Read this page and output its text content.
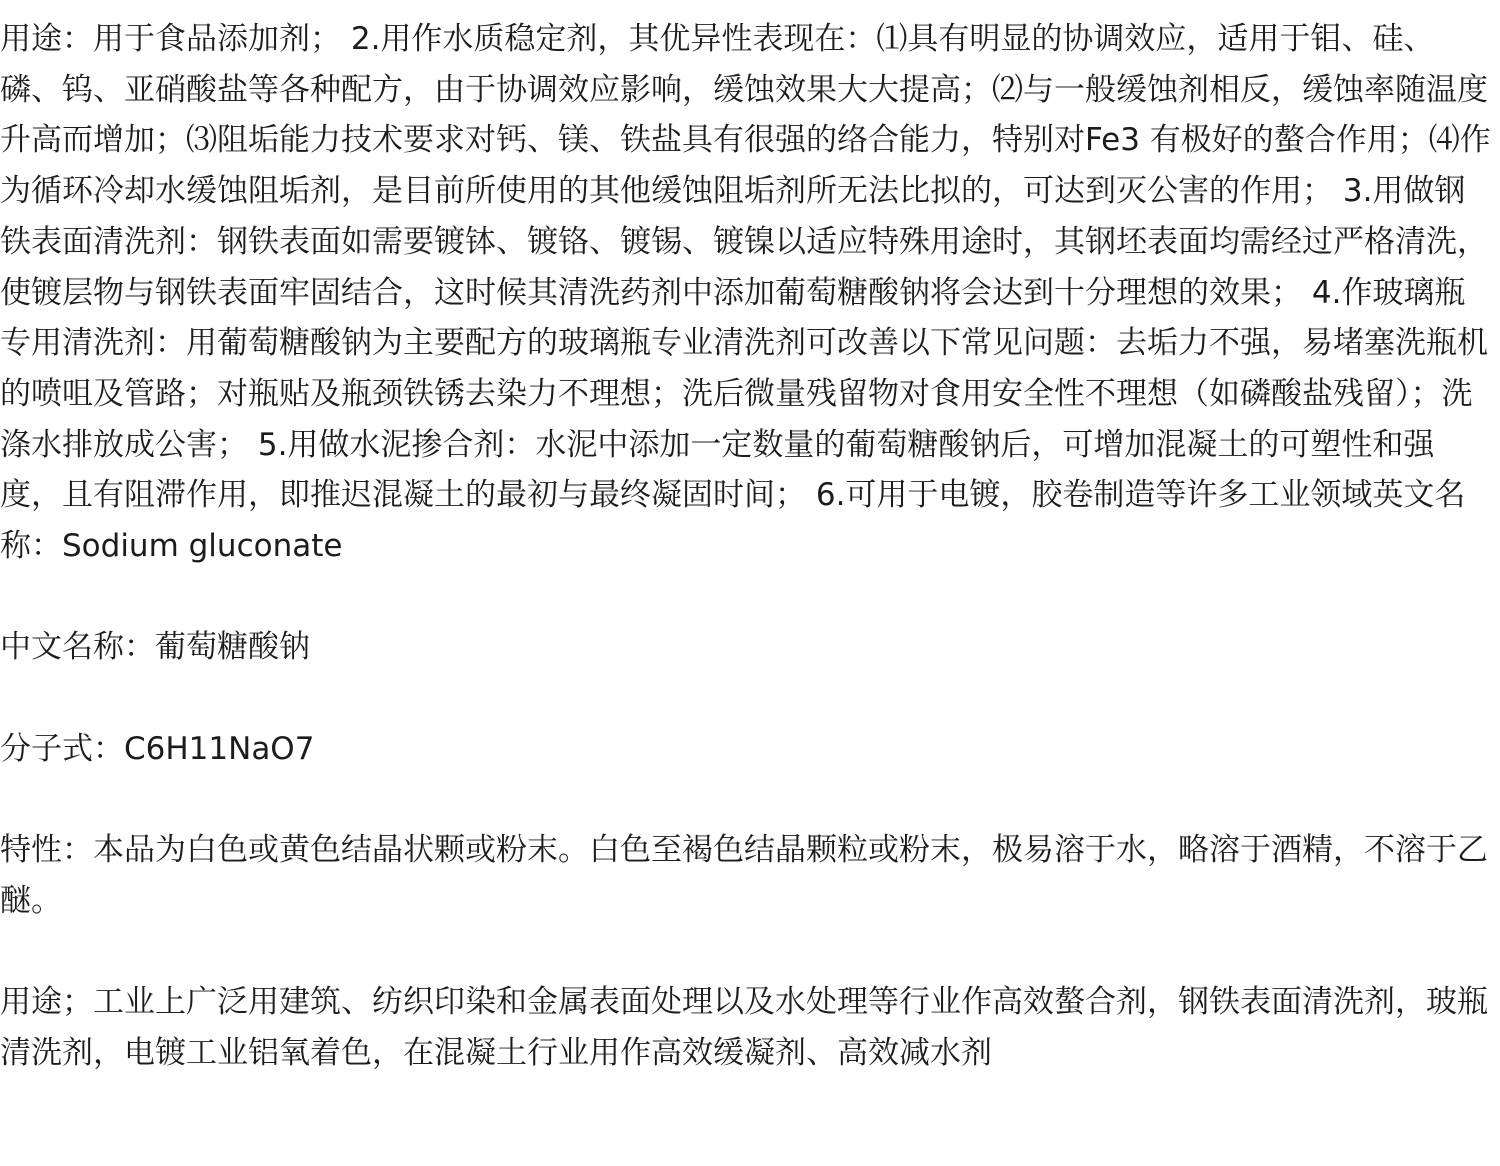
用途：用于食品添加剂； 2.用作水质稳定剂，其优异性表现在：⑴具有明显的协调效应，适用于钼、硅、磷、钨、亚硝酸盐等各种配方，由于协调效应影响，缓蚀效果大大提高；⑵与一般缓蚀剂相反，缓蚀率随温度升高而增加；⑶阻垢能力技术要求对钙、镁、铁盐具有很强的络合能力，特别对Fe3 有极好的螯合作用；⑷作为循环冷却水缓蚀阻垢剂，是目前所使用的其他缓蚀阻垢剂所无法比拟的，可达到灭公害的作用； 3.用做钢铁表面清洗剂：钢铁表面如需要镀钵、镀铬、镀锡、镀镍以适应特殊用途时，其钢坯表面均需经过严格清洗，使镀层物与钢铁表面牢固结合，这时候其清洗药剂中添加葡萄糖酸钠将会达到十分理想的效果； 4.作玻璃瓶专用清洗剂：用葡萄糖酸钠为主要配方的玻璃瓶专业清洗剂可改善以下常见问题：去垢力不强，易堵塞洗瓶机的喷咀及管路；对瓶贴及瓶颈铁锈去染力不理想；洗后微量残留物对食用安全性不理想（如磷酸盐残留）；洗涤水排放成公害； 5.用做水泥掺合剂：水泥中添加一定数量的葡萄糖酸钠后，可增加混凝土的可塑性和强度，且有阻滞作用，即推迟混凝土的最初与最终凝固时间； 6.可用于电镀，胶卷制造等许多工业领域英文名称：Sodium gluconate

中文名称：葡萄糖酸钠

分子式：C6H11NaO7

特性：本品为白色或黄色结晶状颗或粉末。白色至褐色结晶颗粒或粉末，极易溶于水，略溶于酒精，不溶于乙醚。

用途；工业上广泛用建筑、纺织印染和金属表面处理以及水处理等行业作高效螯合剂，钢铁表面清洗剂，玻瓶清洗剂，电镀工业铝氧着色，在混凝土行业用作高效缓凝剂、高效减水剂
